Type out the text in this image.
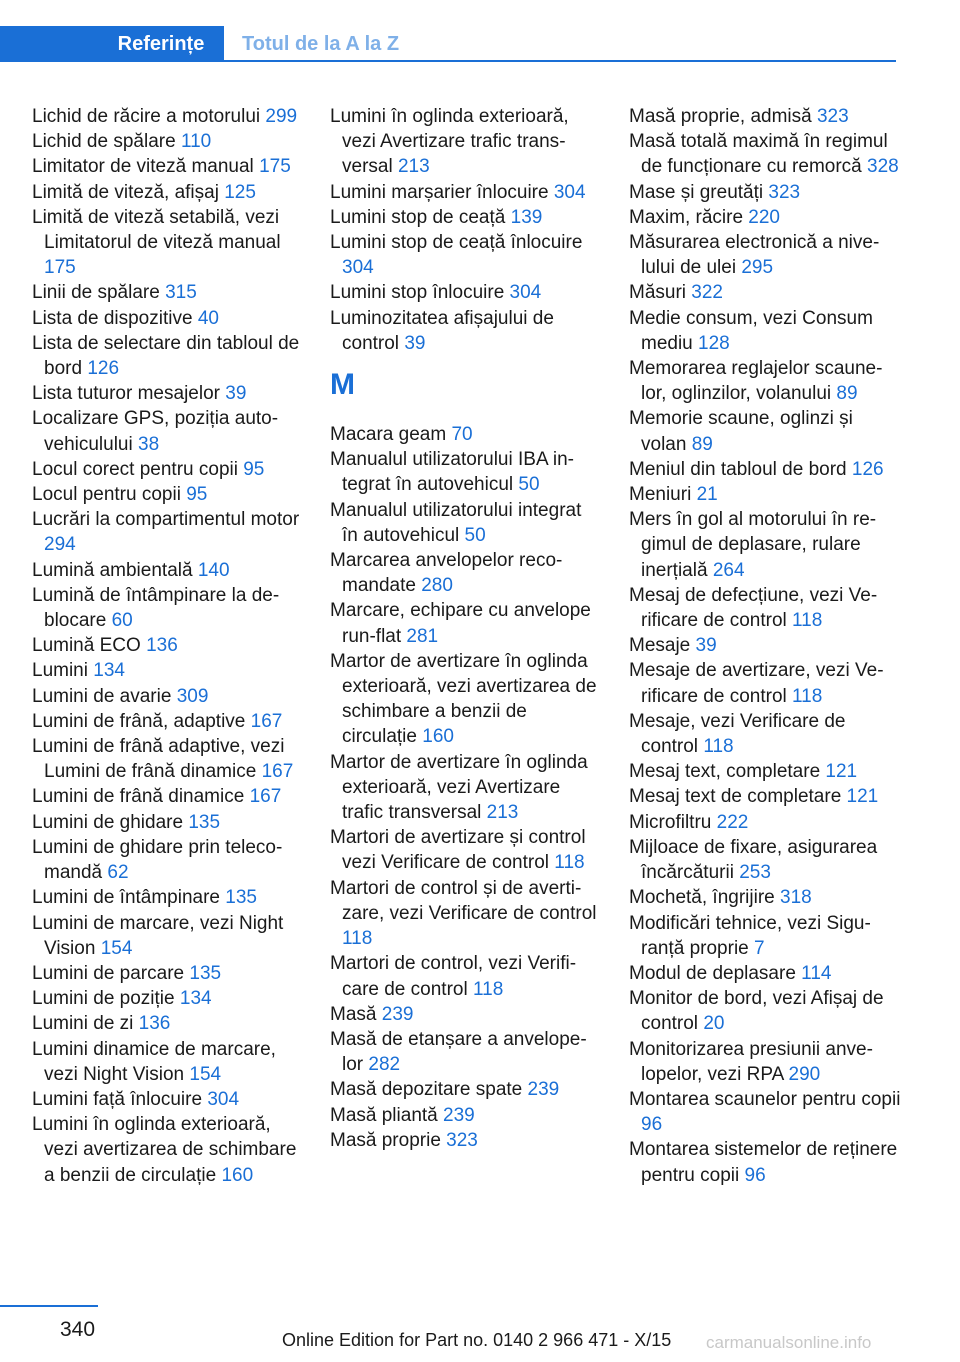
Referințe	Totul de la A la Z
Lichid de răcire a motorului 299
Lichid de spălare 110
Limitator de viteză manual 175
Limită de viteză, afișaj 125
Limită de viteză setabilă, vezi Limitatorul de viteză manual 175
Linii de spălare 315
Lista de dispozitive 40
Lista de selectare din tabloul de bord 126
Lista tuturor mesajelor 39
Localizare GPS, poziția autovehiculului 38
Locul corect pentru copii 95
Locul pentru copii 95
Lucrări la compartimentul motor 294
Lumină ambientală 140
Lumină de întâmpinare la deblocare 60
Lumină ECO 136
Lumini 134
Lumini de avarie 309
Lumini de frână, adaptive 167
Lumini de frână adaptive, vezi Lumini de frână dinamice 167
Lumini de frână dinamice 167
Lumini de ghidare 135
Lumini de ghidare prin telecomandă 62
Lumini de întâmpinare 135
Lumini de marcare, vezi Night Vision 154
Lumini de parcare 135
Lumini de poziție 134
Lumini de zi 136
Lumini dinamice de marcare, vezi Night Vision 154
Lumini față înlocuire 304
Lumini în oglinda exterioară, vezi avertizarea de schimbare a benzii de circulație 160
Lumini în oglinda exterioară, vezi Avertizare trafic transversal 213
Lumini marșarier înlocuire 304
Lumini stop de ceață 139
Lumini stop de ceață înlocuire 304
Lumini stop înlocuire 304
Luminozitatea afișajului de control 39
M
Macara geam 70
Manualul utilizatorului IBA integrat în autovehicul 50
Manualul utilizatorului integrat în autovehicul 50
Marcarea anvelopelor recomandate 280
Marcare, echipare cu anvelope run-flat 281
Martor de avertizare în oglinda exterioară, vezi avertizarea de schimbare a benzii de circulație 160
Martor de avertizare în oglinda exterioară, vezi Avertizare trafic transversal 213
Martori de avertizare și control vezi Verificare de control 118
Martori de control și de avertizare, vezi Verificare de control 118
Martori de control, vezi Verificare de control 118
Masă 239
Masă de etanșare a anvelopelor 282
Masă depozitare spate 239
Masă pliantă 239
Masă proprie 323
Masă proprie, admisă 323
Masă totală maximă în regimul de funcționare cu remorcă 328
Mase și greutăți 323
Maxim, răcire 220
Măsurarea electronică a nivelului de ulei 295
Măsuri 322
Medie consum, vezi Consum mediu 128
Memorarea reglajelor scaunelor, oglinzilor, volanului 89
Memorie scaune, oglinzi și volan 89
Meniul din tabloul de bord 126
Meniuri 21
Mers în gol al motorului în regimul de deplasare, rulare inerțială 264
Mesaj de defecțiune, vezi Verificare de control 118
Mesaje 39
Mesaje de avertizare, vezi Verificare de control 118
Mesaje, vezi Verificare de control 118
Mesaj text, completare 121
Mesaj text de completare 121
Microfiltru 222
Mijloace de fixare, asigurarea încărcăturii 253
Mochetă, îngrijire 318
Modificări tehnice, vezi Siguranță proprie 7
Modul de deplasare 114
Monitor de bord, vezi Afișaj de control 20
Monitorizarea presiunii anvelopelor, vezi RPA 290
Montarea scaunelor pentru copii 96
Montarea sistemelor de reținere pentru copii 96
340	Online Edition for Part no. 0140 2 966 471 - X/15 carmanualsonline.info
